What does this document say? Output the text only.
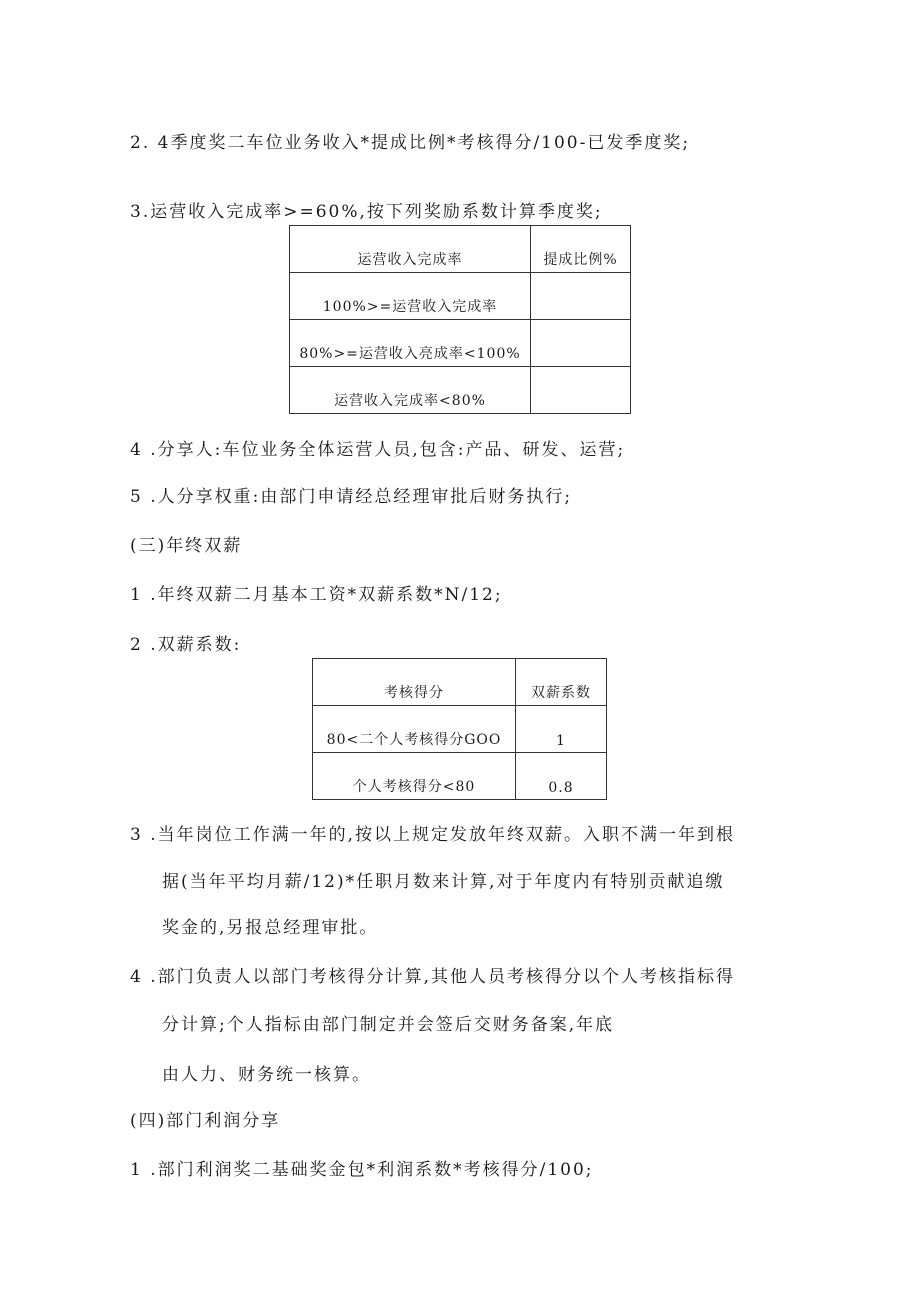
2. 4季度奖二车位业务收入*提成比例*考核得分/100-已发季度奖;
3.运营收入完成率>=60%,按下列奖励系数计算季度奖;
运营收入完成率	提成比例%

100%>=运营收入完成率	

80%>=运营收入亮成率<100%	

运营收入完成率<80%	

4 .分享人:车位业务全体运营人员,包含:产品、研发、运营;
5 .人分享权重:由部门申请经总经理审批后财务执行;
(三)年终双薪
1 .年终双薪二月基本工资*双薪系数*N/12;
2 .双薪系数:
考核得分	双薪系数

80<二个人考核得分GOO	1

个人考核得分<80	0.8
3 .当年岗位工作满一年的,按以上规定发放年终双薪。入职不满一年到根
据(当年平均月薪/12)*任职月数来计算,对于年度内有特别贡献追缴
奖金的,另报总经理审批。
4 .部门负责人以部门考核得分计算,其他人员考核得分以个人考核指标得
分计算;个人指标由部门制定并会签后交财务备案,年底
由人力、财务统一核算。
(四)部门利润分享
1 .部门利润奖二基础奖金包*利润系数*考核得分/100;
